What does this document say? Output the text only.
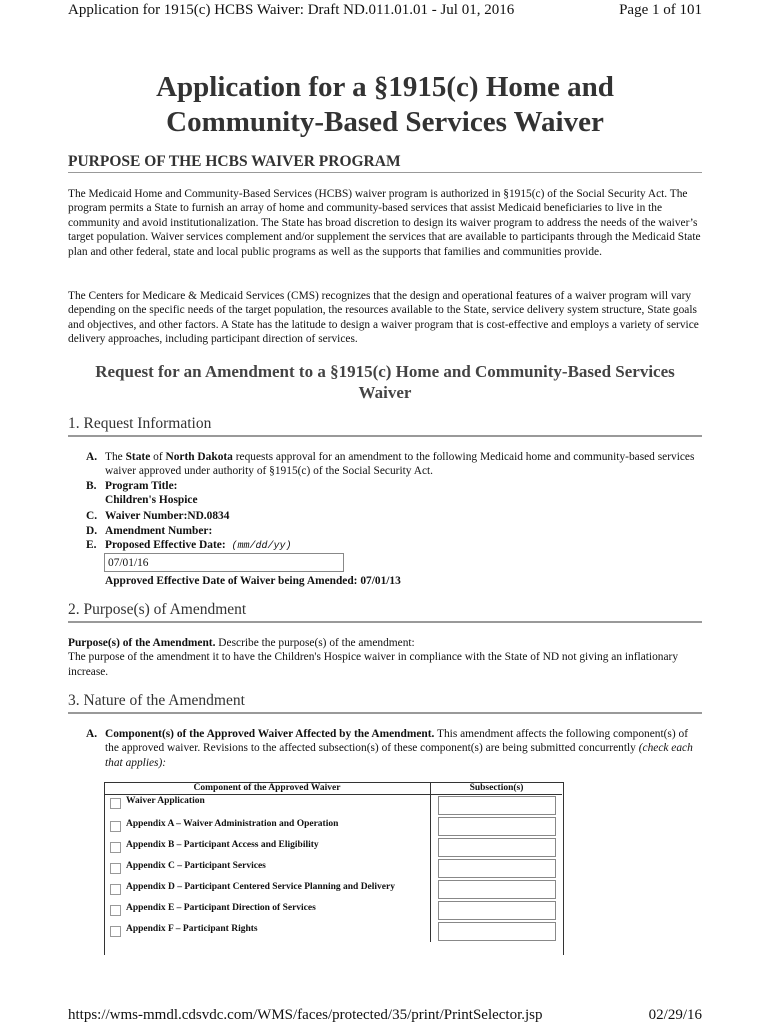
Application for 1915(c) HCBS Waiver: Draft ND.011.01.01 - Jul 01, 2016	Page 1 of 101
Application for a §1915(c) Home and
Community-Based Services Waiver
PURPOSE OF THE HCBS WAIVER PROGRAM
The Medicaid Home and Community-Based Services (HCBS) waiver program is authorized in §1915(c) of the Social Security Act. The program permits a State to furnish an array of home and community-based services that assist Medicaid beneficiaries to live in the community and avoid institutionalization. The State has broad discretion to design its waiver program to address the needs of the waiver’s target population. Waiver services complement and/or supplement the services that are available to participants through the Medicaid State plan and other federal, state and local public programs as well as the supports that families and communities provide.
The Centers for Medicare & Medicaid Services (CMS) recognizes that the design and operational features of a waiver program will vary depending on the specific needs of the target population, the resources available to the State, service delivery system structure, State goals and objectives, and other factors. A State has the latitude to design a waiver program that is cost-effective and employs a variety of service delivery approaches, including participant direction of services.
Request for an Amendment to a §1915(c) Home and Community-Based Services
Waiver
1. Request Information
A. The State of North Dakota requests approval for an amendment to the following Medicaid home and community-based services waiver approved under authority of §1915(c) of the Social Security Act.
B. Program Title:
Children's Hospice
C. Waiver Number:ND.0834
D. Amendment Number:
E. Proposed Effective Date: (mm/dd/yy)
07/01/16
Approved Effective Date of Waiver being Amended: 07/01/13
2. Purpose(s) of Amendment
Purpose(s) of the Amendment. Describe the purpose(s) of the amendment:
The purpose of the amendment it to have the Children's Hospice waiver in compliance with the State of ND not giving an inflationary increase.
3. Nature of the Amendment
A. Component(s) of the Approved Waiver Affected by the Amendment. This amendment affects the following component(s) of the approved waiver. Revisions to the affected subsection(s) of these component(s) are being submitted concurrently (check each that applies):
Component of the Approved Waiver	Subsection(s)
Waiver Application	

Appendix A – Waiver Administration and Operation	

Appendix B – Participant Access and Eligibility	

Appendix C – Participant Services	

Appendix D – Participant Centered Service Planning and Delivery	

Appendix E – Participant Direction of Services	

Appendix F – Participant Rights	
https://wms-mmdl.cdsvdc.com/WMS/faces/protected/35/print/PrintSelector.jsp	02/29/16
